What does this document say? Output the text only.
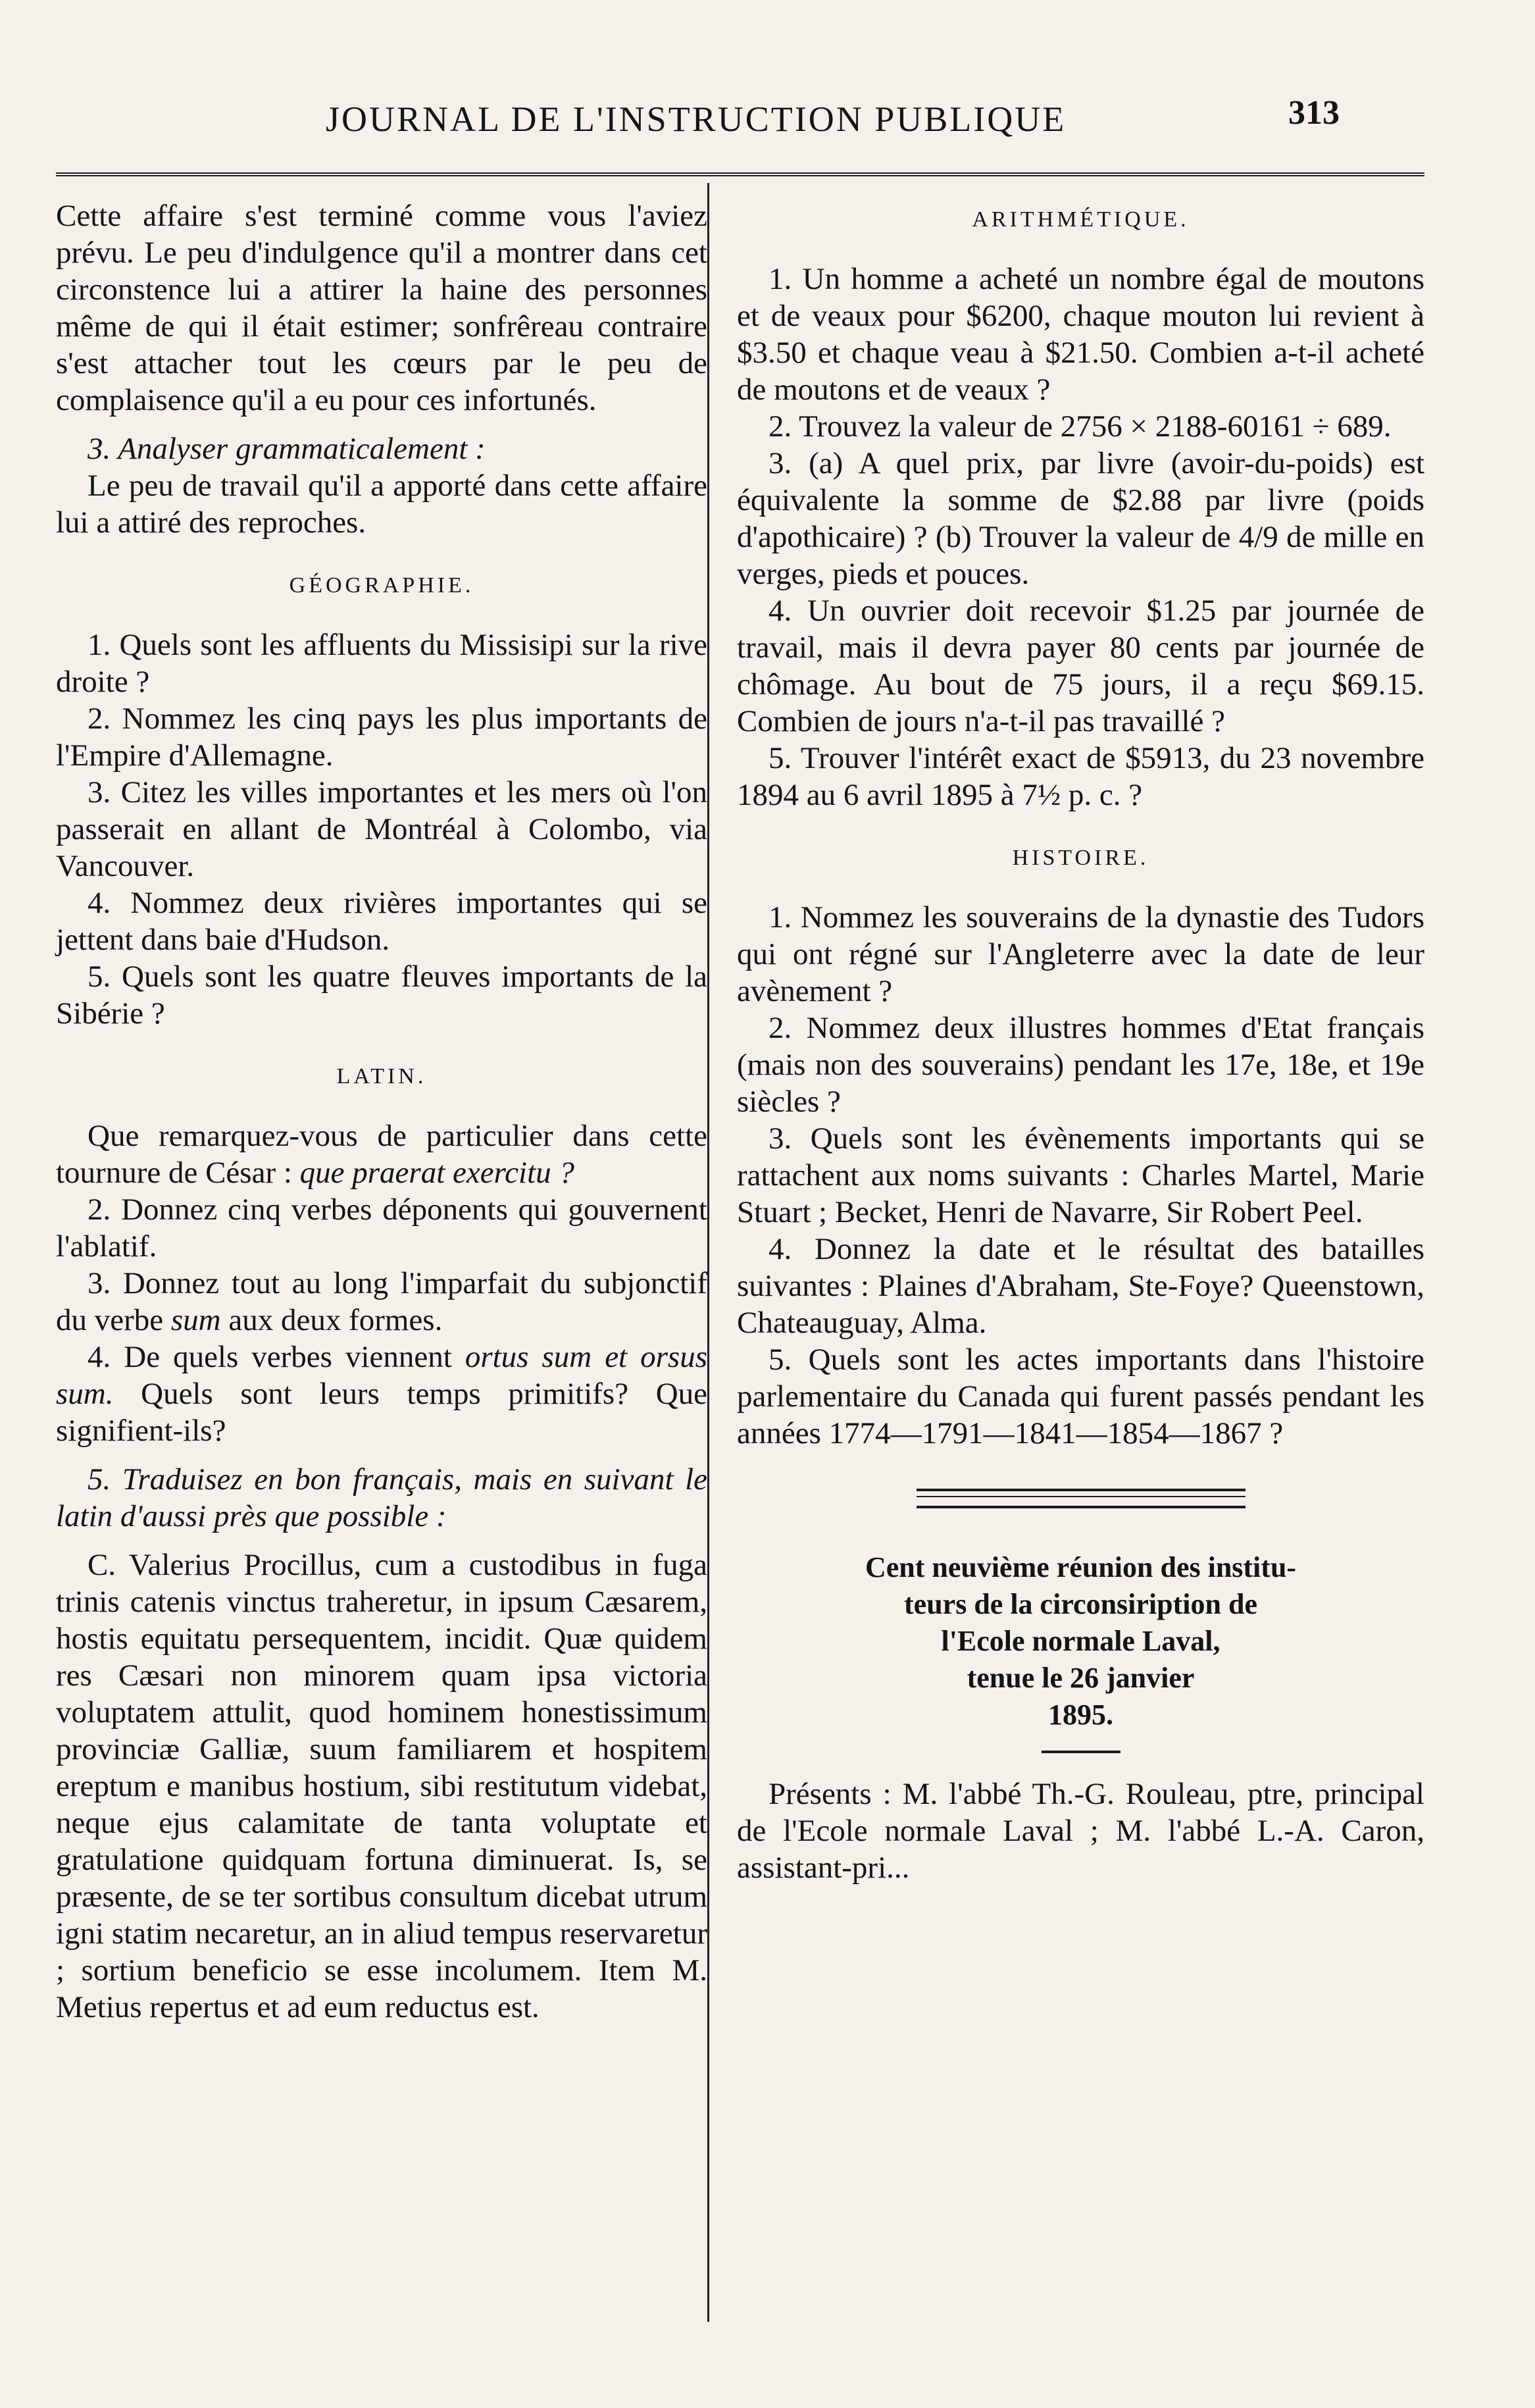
JOURNAL DE L'INSTRUCTION PUBLIQUE	313

Cette affaire s'est terminé comme vous l'aviez prévu. Le peu d'indulgence qu'il a montrer dans cet circonstence lui a attirer la haine des personnes même de qui il était estimer; sonfrêreau contraire s'est attacher tout les cœurs par le peu de complaisence qu'il a eu pour ces infortunés.

3. Analyser grammaticalement :

Le peu de travail qu'il a apporté dans cette affaire lui a attiré des reproches.

GÉOGRAPHIE.

1. Quels sont les affluents du Missisipi sur la rive droite ?

2. Nommez les cinq pays les plus importants de l'Empire d'Allemagne.

3. Citez les villes importantes et les mers où l'on passerait en allant de Montréal à Colombo, via Vancouver.

4. Nommez deux rivières importantes qui se jettent dans baie d'Hudson.

5. Quels sont les quatre fleuves importants de la Sibérie ?

LATIN.

Que remarquez-vous de particulier dans cette tournure de César : que praerat exercitu ?

2. Donnez cinq verbes déponents qui gouvernent l'ablatif.

3. Donnez tout au long l'imparfait du subjonctif du verbe sum aux deux formes.

4. De quels verbes viennent ortus sum et orsus sum. Quels sont leurs temps primitifs? Que signifient-ils?

5. Traduisez en bon français, mais en suivant le latin d'aussi près que possible :

C. Valerius Procillus, cum a custodibus in fuga trinis catenis vinctus traheretur, in ipsum Cæsarem, hostis equitatu persequentem, incidit. Quæ quidem res Cæsari non minorem quam ipsa victoria voluptatem attulit, quod hominem honestissimum provinciæ Galliæ, suum familiarem et hospitem ereptum e manibus hostium, sibi restitutum videbat, neque ejus calamitate de tanta voluptate et gratulatione quidquam fortuna diminuerat. Is, se præsente, de se ter sortibus consultum dicebat utrum igni statim necaretur, an in aliud tempus reservaretur ; sortium beneficio se esse incolumem. Item M. Metius repertus et ad eum reductus est.

ARITHMÉTIQUE.

1. Un homme a acheté un nombre égal de moutons et de veaux pour $6200, chaque mouton lui revient à $3.50 et chaque veau à $21.50. Combien a-t-il acheté de moutons et de veaux ?

2. Trouvez la valeur de 2756 × 2188-60161 ÷ 689.

3. (a) A quel prix, par livre (avoir-du-poids) est équivalente la somme de $2.88 par livre (poids d'apothicaire) ? (b) Trouver la valeur de 4/9 de mille en verges, pieds et pouces.

4. Un ouvrier doit recevoir $1.25 par journée de travail, mais il devra payer 80 cents par journée de chômage. Au bout de 75 jours, il a reçu $69.15. Combien de jours n'a-t-il pas travaillé ?

5. Trouver l'intérêt exact de $5913, du 23 novembre 1894 au 6 avril 1895 à 7½ p. c. ?

HISTOIRE.

1. Nommez les souverains de la dynastie des Tudors qui ont régné sur l'Angleterre avec la date de leur avènement ?

2. Nommez deux illustres hommes d'Etat français (mais non des souverains) pendant les 17e, 18e, et 19e siècles ?

3. Quels sont les évènements importants qui se rattachent aux noms suivants : Charles Martel, Marie Stuart ; Becket, Henri de Navarre, Sir Robert Peel.

4. Donnez la date et le résultat des batailles suivantes : Plaines d'Abraham, Ste-Foye? Queenstown, Chateauguay, Alma.

5. Quels sont les actes importants dans l'histoire parlementaire du Canada qui furent passés pendant les années 1774—1791—1841—1854—1867 ?

Cent neuvième réunion des institu-
teurs de la circonsiription de
l'Ecole normale Laval,
tenue le 26 janvier
1895.

Présents : M. l'abbé Th.-G. Rouleau, ptre, principal de l'Ecole normale Laval ; M. l'abbé L.-A. Caron, assistant-pri...
